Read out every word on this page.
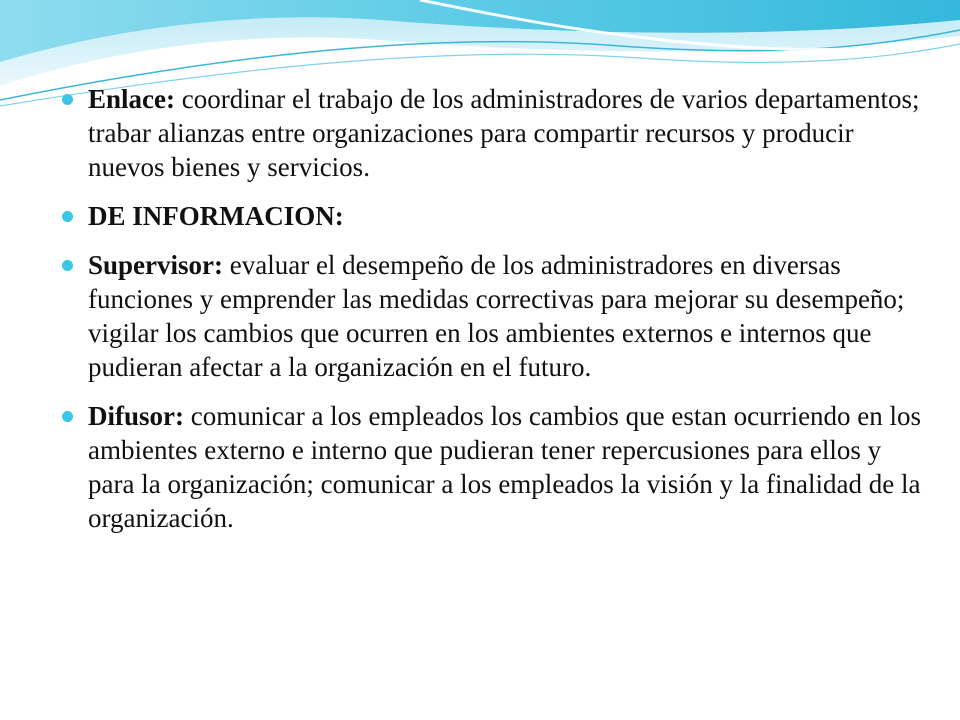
Enlace: coordinar el trabajo de los administradores de varios departamentos; trabar alianzas entre organizaciones para compartir recursos y producir nuevos bienes y servicios.
DE INFORMACION:
Supervisor: evaluar el desempeño de los administradores en diversas funciones y emprender las medidas correctivas para mejorar su desempeño; vigilar los cambios que ocurren en los ambientes externos e internos que pudieran afectar a la organización en el futuro.
Difusor: comunicar a los empleados los cambios que estan ocurriendo en los ambientes externo e interno que pudieran tener repercusiones para ellos y para la organización; comunicar a los empleados la visión y la finalidad de la organización.
